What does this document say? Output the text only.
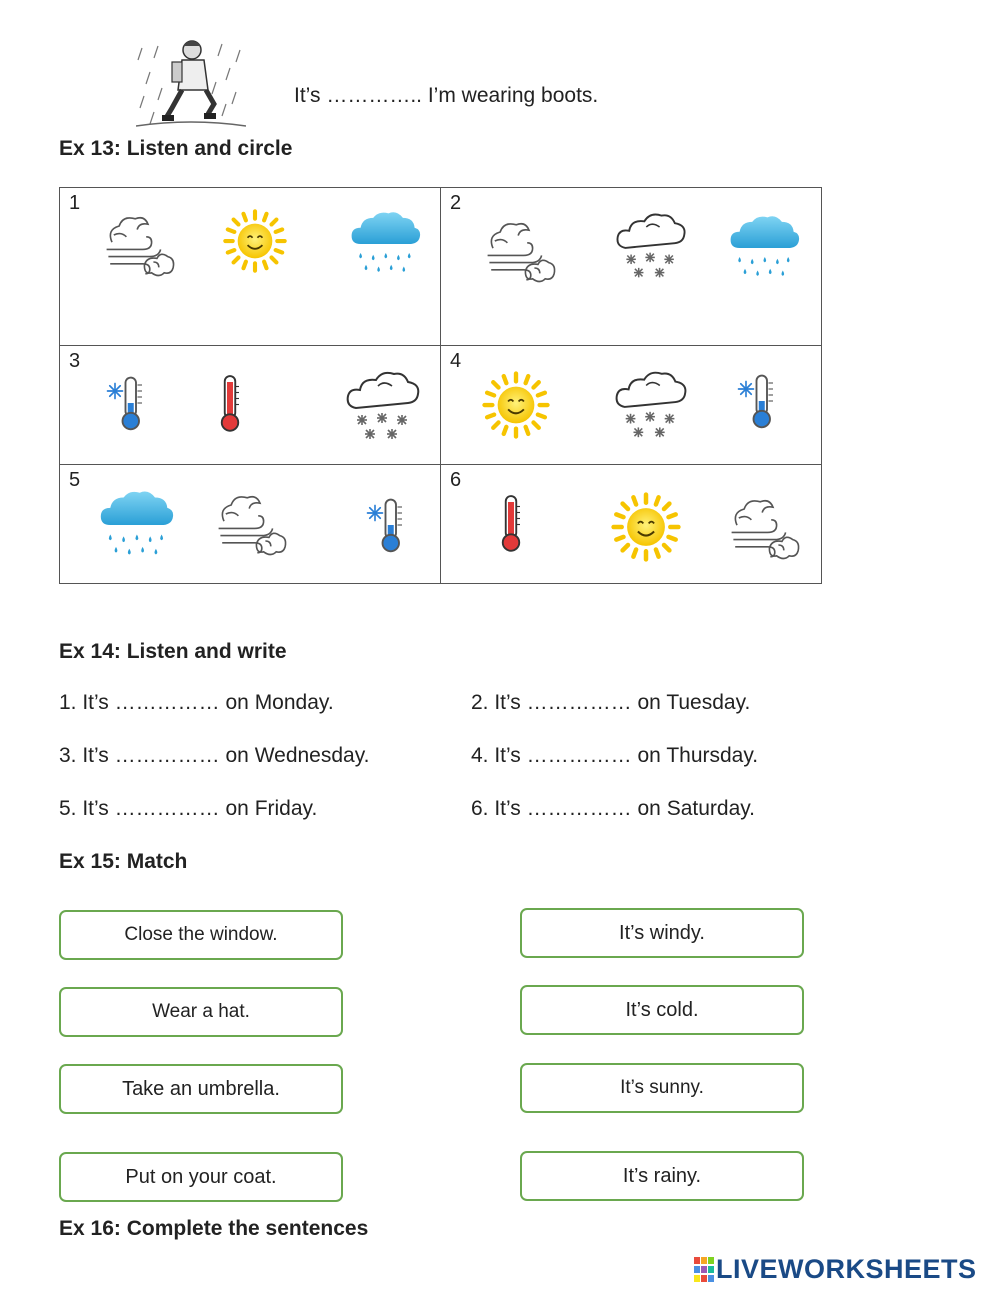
It’s ………….. I’m wearing boots.
Ex 13: Listen and circle
1	2

3	4

5	6
Ex 14: Listen and write
1. It’s …………… on Monday.	2. It’s …………… on Tuesday.
3. It’s …………… on Wednesday.	4. It’s …………… on Thursday.
5. It’s …………… on Friday.	6. It’s …………… on Saturday.
Ex 15: Match
Close the window.
Wear a hat.
Take an umbrella.
Put on your coat.
It’s windy.
It’s cold.
It’s sunny.
It’s rainy.
Ex 16: Complete the sentences
LIVEWORKSHEETS
